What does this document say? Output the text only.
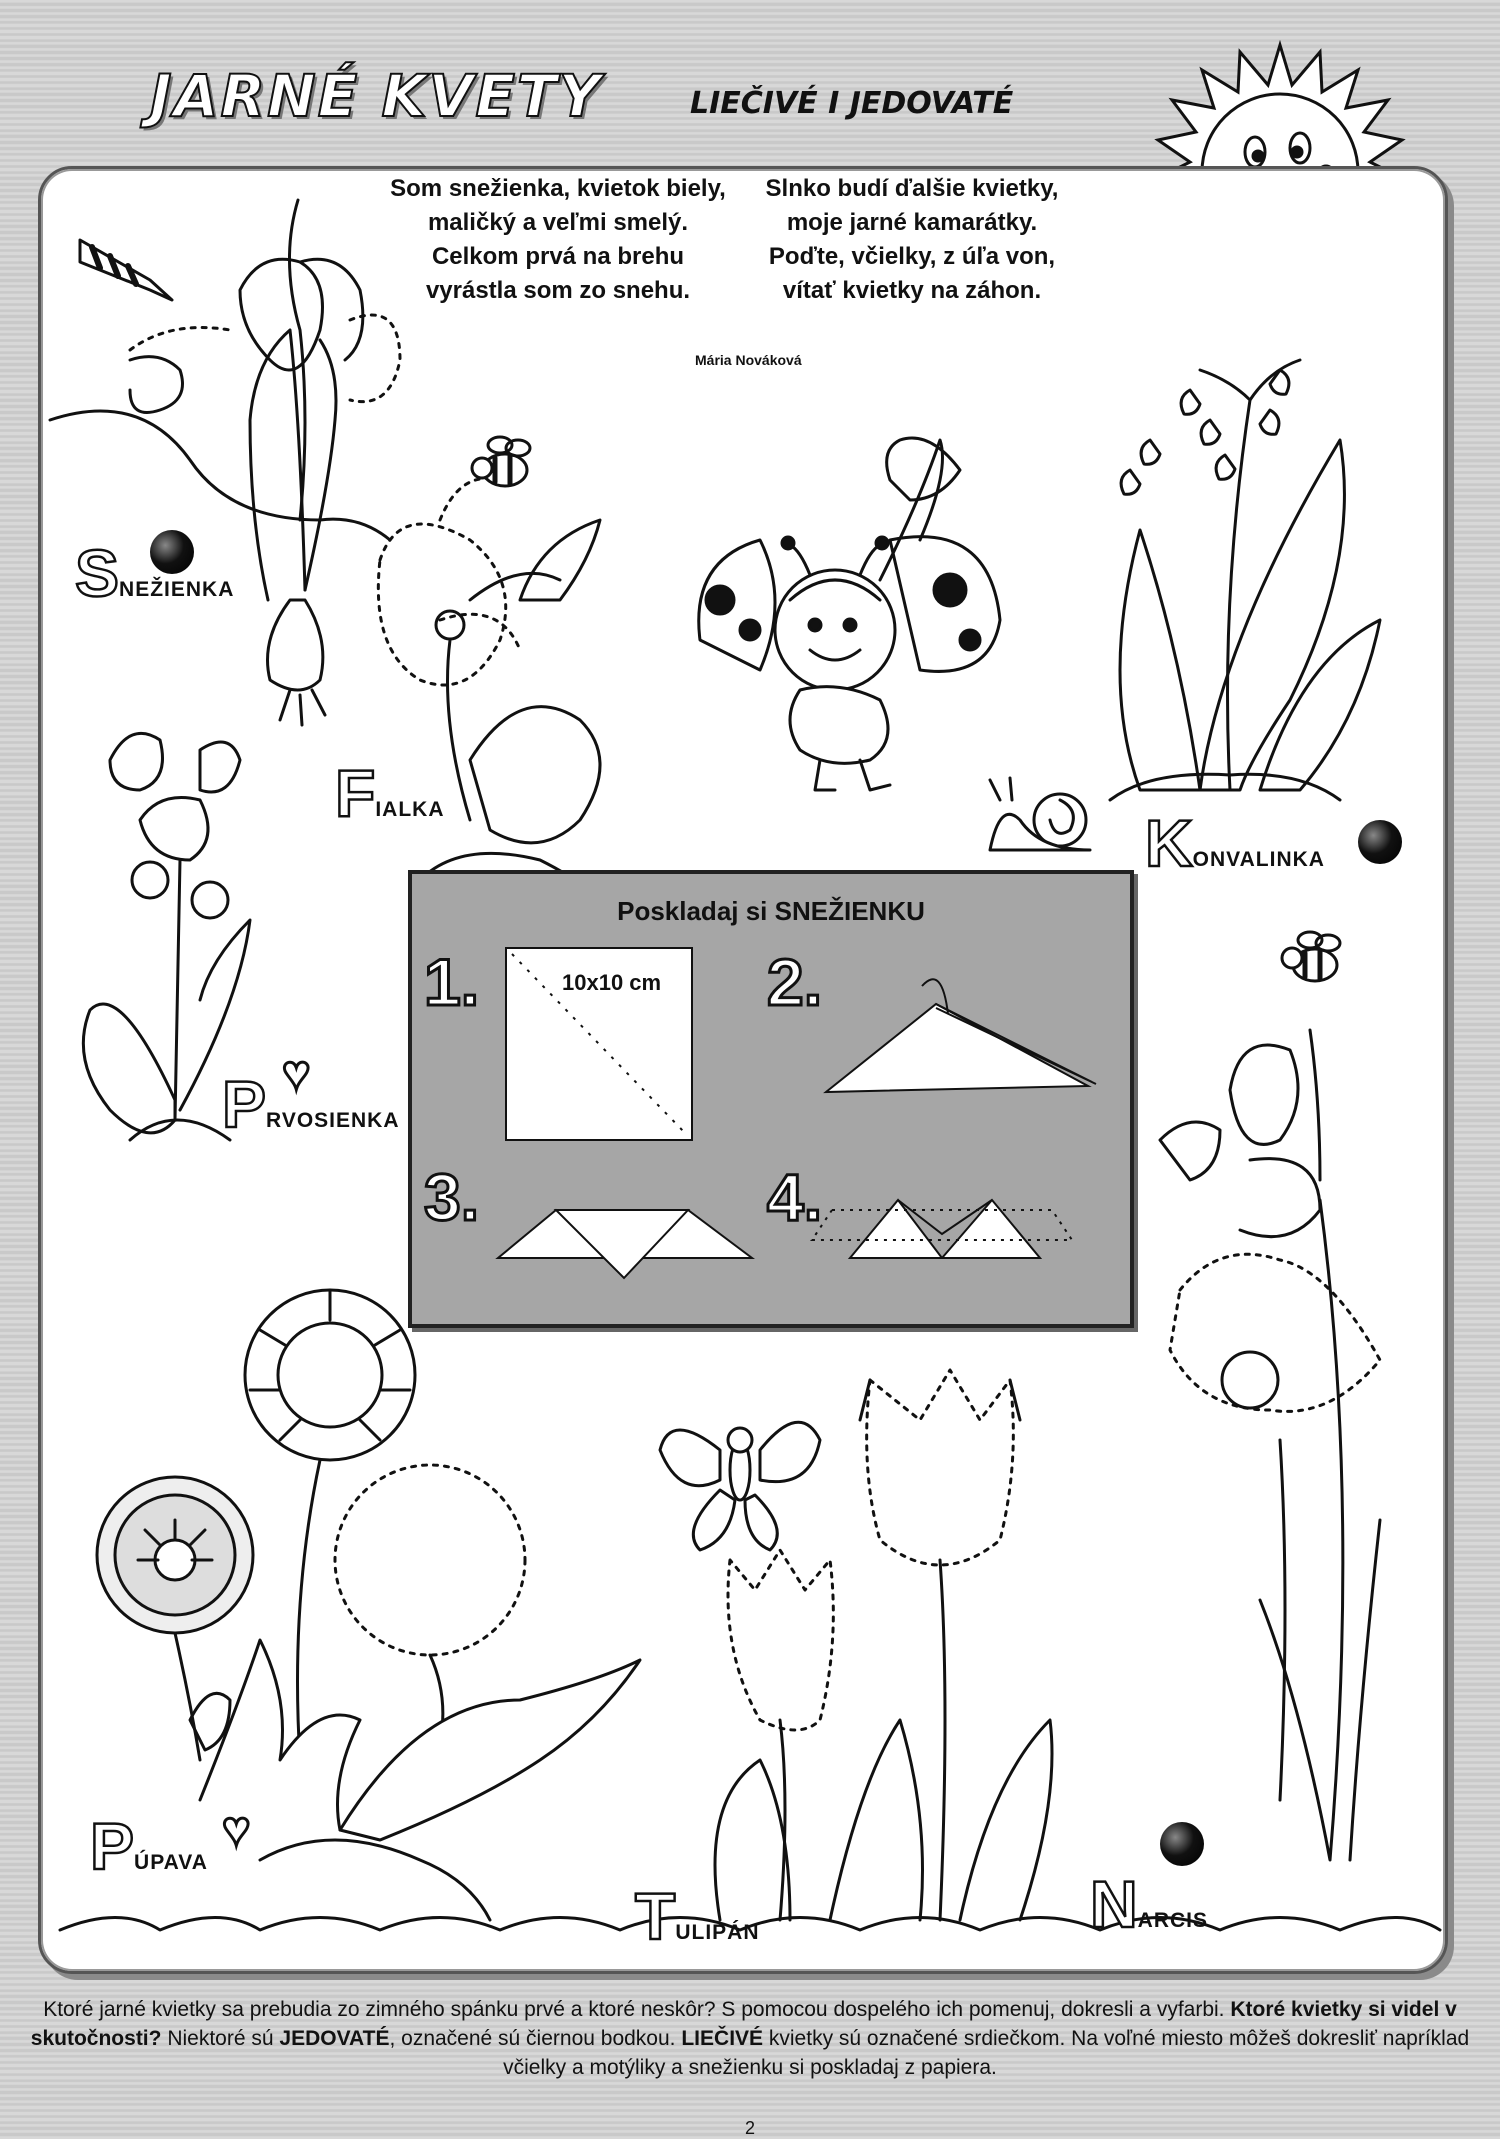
JARNÉ KVETY	LIEČIVÉ I JEDOVATÉ
Som snežienka, kvietok biely,
maličký a veľmi smelý.
Celkom prvá na brehu
vyrástla som zo snehu.
Slnko budí ďalšie kvietky,
moje jarné kamarátky.
Poďte, včielky, z úľa von,
vítať kvietky na záhon.
Mária Nováková
SNEŽIENKA
FIALKA	KONVALINKA
PRVOSIENKA
♥
PÚPAVA
♥
TULIPÁN	NARCIS
Poskladaj si SNEŽIENKU
1.	2.
3.	4.
10x10 cm
Ktoré jarné kvietky sa prebudia zo zimného spánku prvé a ktoré neskôr? S pomocou dospelého ich pomenuj, dokresli a vyfarbi. Ktoré kvietky si videl v skutočnosti? Niektoré sú JEDOVATÉ, označené sú čiernou bodkou. LIEČIVÉ kvietky sú označené srdiečkom. Na voľné miesto môžeš dokresliť napríklad včielky a motýliky a snežienku si poskladaj z papiera.
2
